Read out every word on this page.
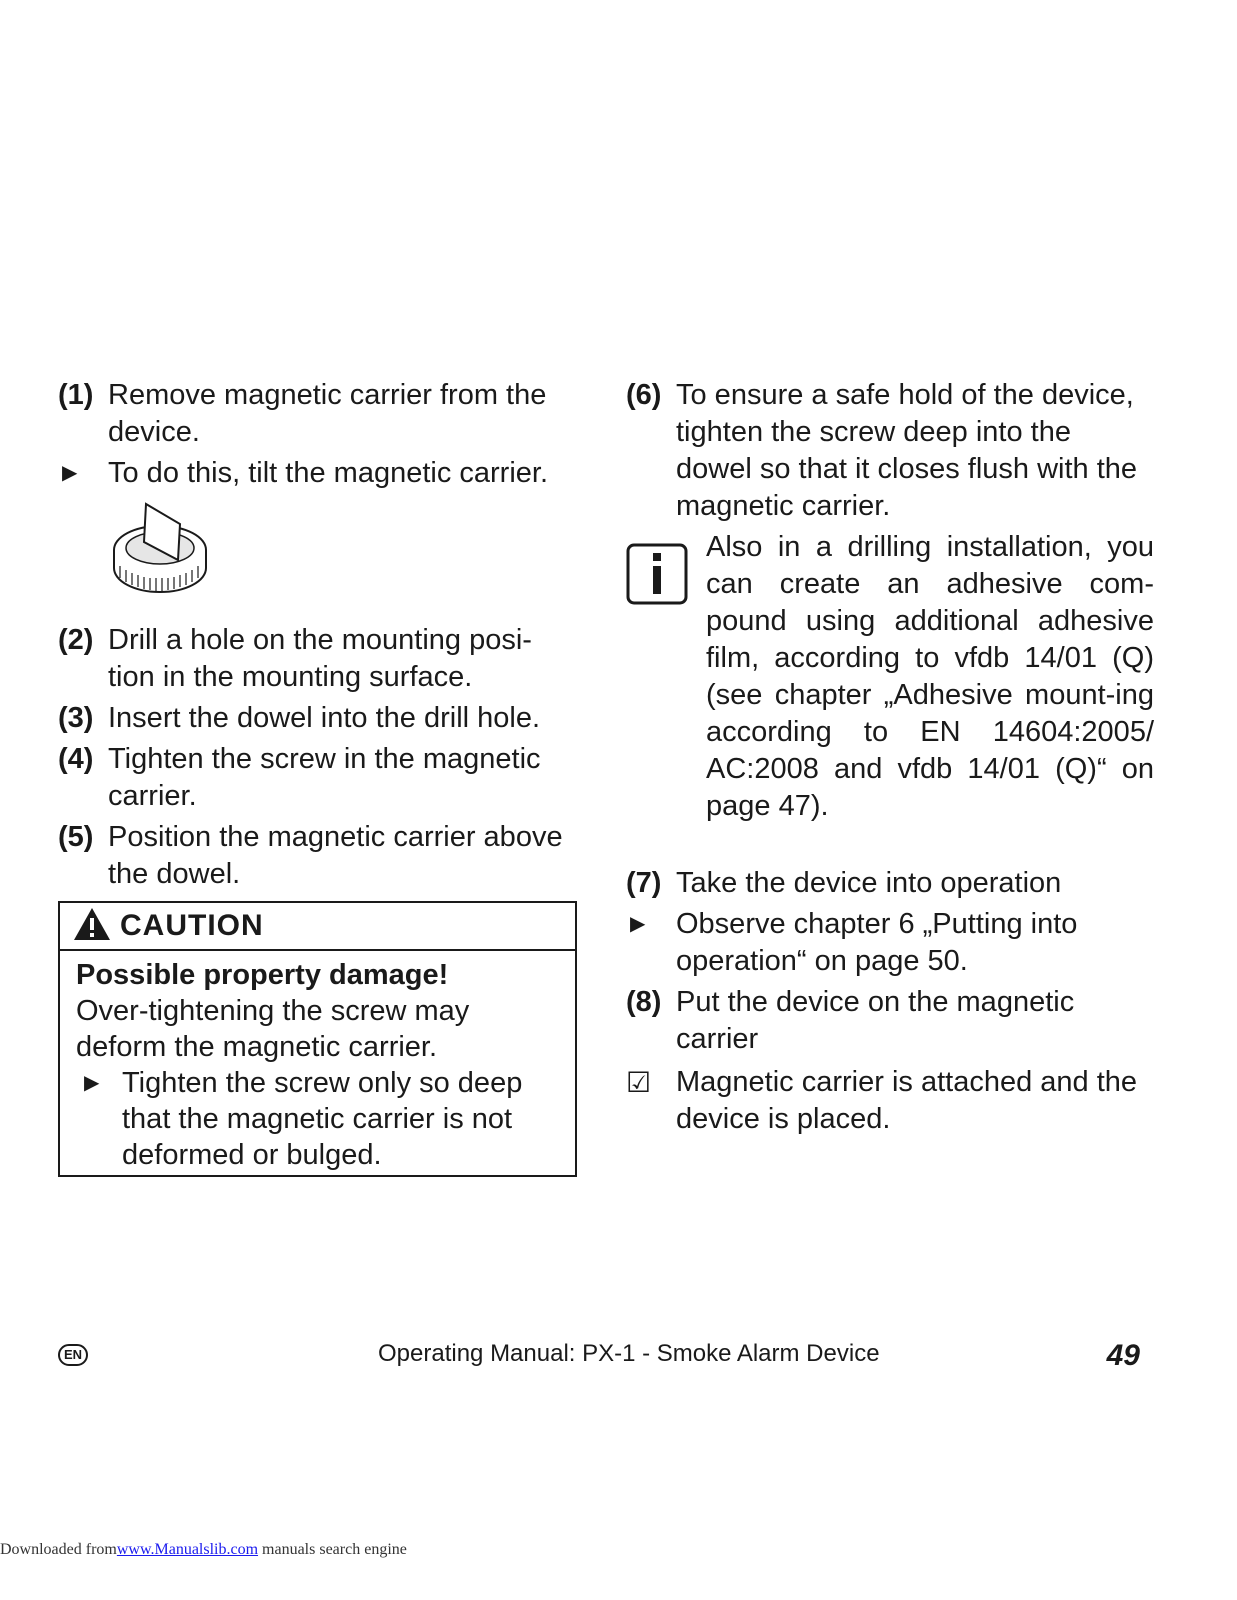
(1) Remove magnetic carrier from the device.
▶	To do this, tilt the magnetic carrier.
(2) Drill a hole on the mounting posi-tion in the mounting surface.
(3) Insert the dowel into the drill hole.
(4) Tighten the screw in the magnetic carrier.
(5) Position the magnetic carrier above the dowel.
CAUTION
Possible property damage!
Over-tightening the screw may deform the magnetic carrier.
▶ Tighten the screw only so deep that the magnetic carrier is not deformed or bulged.
(6) To ensure a safe hold of the device, tighten the screw deep into the dowel so that it closes flush with the magnetic carrier.
Also in a drilling installation, you can create an adhesive com-pound using additional adhesive film, according to vfdb 14/01 (Q) (see chapter „Adhesive mount-ing according to EN 14604:2005/ AC:2008 and vfdb 14/01 (Q)“ on page 47).
(7) Take the device into operation
▶	Observe chapter 6 „Putting into operation“ on page 50.
(8) Put the device on the magnetic carrier
☑ Magnetic carrier is attached and the device is placed.
EN	Operating Manual: PX-1 - Smoke Alarm Device	49
Downloaded fromwww.Manualslib.com manuals search engine
